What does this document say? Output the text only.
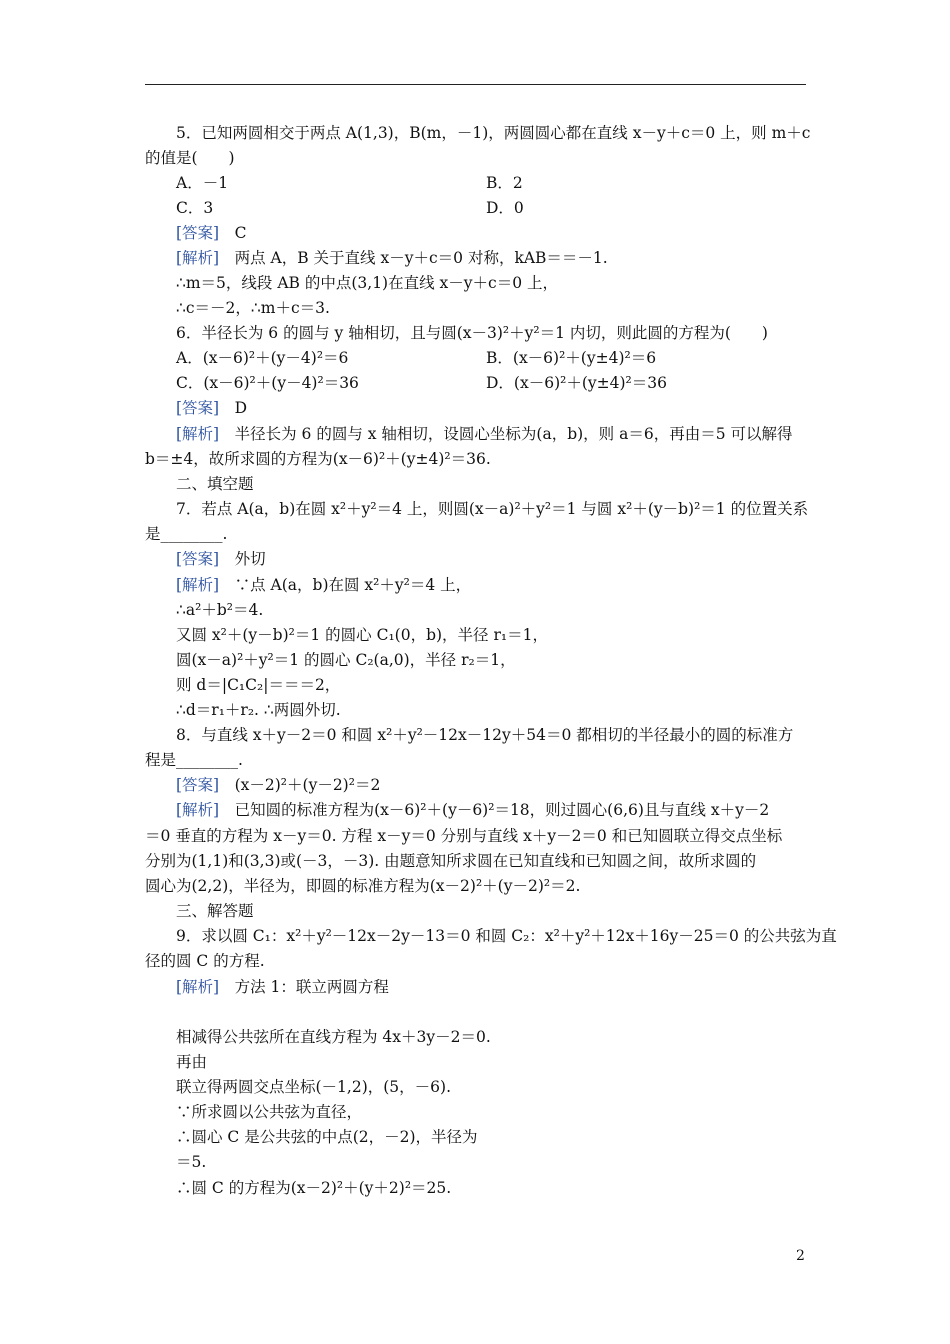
5．已知两圆相交于两点 A(1,3)，B(m，－1)，两圆圆心都在直线 x－y＋c＝0 上，则 m＋c
的值是(　　)
A．－1	B．2
C．3	D．0
[答案]　C
[解析]　两点 A，B 关于直线 x－y＋c＝0 对称，kAB＝＝－1.
∴m＝5，线段 AB 的中点(3,1)在直线 x－y＋c＝0 上，
∴c＝－2，∴m＋c＝3.
6．半径长为 6 的圆与 y 轴相切，且与圆(x－3)²＋y²＝1 内切，则此圆的方程为(　　)
A．(x－6)²＋(y－4)²＝6	B．(x－6)²＋(y±4)²＝6
C．(x－6)²＋(y－4)²＝36	D．(x－6)²＋(y±4)²＝36
[答案]　D
[解析]　半径长为 6 的圆与 x 轴相切，设圆心坐标为(a，b)，则 a＝6，再由＝5 可以解得
b＝±4，故所求圆的方程为(x－6)²＋(y±4)²＝36.
二、填空题
7．若点 A(a，b)在圆 x²＋y²＝4 上，则圆(x－a)²＋y²＝1 与圆 x²＋(y－b)²＝1 的位置关系
是________.
[答案]　外切
[解析]　∵点 A(a，b)在圆 x²＋y²＝4 上，
∴a²＋b²＝4.
又圆 x²＋(y－b)²＝1 的圆心 C₁(0，b)，半径 r₁＝1，
圆(x－a)²＋y²＝1 的圆心 C₂(a,0)，半径 r₂＝1，
则 d＝|C₁C₂|＝＝＝2，
∴d＝r₁＋r₂. ∴两圆外切.
8．与直线 x＋y－2＝0 和圆 x²＋y²－12x－12y＋54＝0 都相切的半径最小的圆的标准方
程是________.
[答案]　(x－2)²＋(y－2)²＝2
[解析]　已知圆的标准方程为(x－6)²＋(y－6)²＝18，则过圆心(6,6)且与直线 x＋y－2
＝0 垂直的方程为 x－y＝0. 方程 x－y＝0 分别与直线 x＋y－2＝0 和已知圆联立得交点坐标
分别为(1,1)和(3,3)或(－3，－3). 由题意知所求圆在已知直线和已知圆之间，故所求圆的
圆心为(2,2)，半径为，即圆的标准方程为(x－2)²＋(y－2)²＝2.
三、解答题
9．求以圆 C₁：x²＋y²－12x－2y－13＝0 和圆 C₂：x²＋y²＋12x＋16y－25＝0 的公共弦为直
径的圆 C 的方程.
[解析]　方法 1：联立两圆方程
相减得公共弦所在直线方程为 4x＋3y－2＝0.
再由
联立得两圆交点坐标(－1,2)，(5，－6).
∵所求圆以公共弦为直径，
∴圆心 C 是公共弦的中点(2，－2)，半径为
＝5.
∴圆 C 的方程为(x－2)²＋(y＋2)²＝25.
2
